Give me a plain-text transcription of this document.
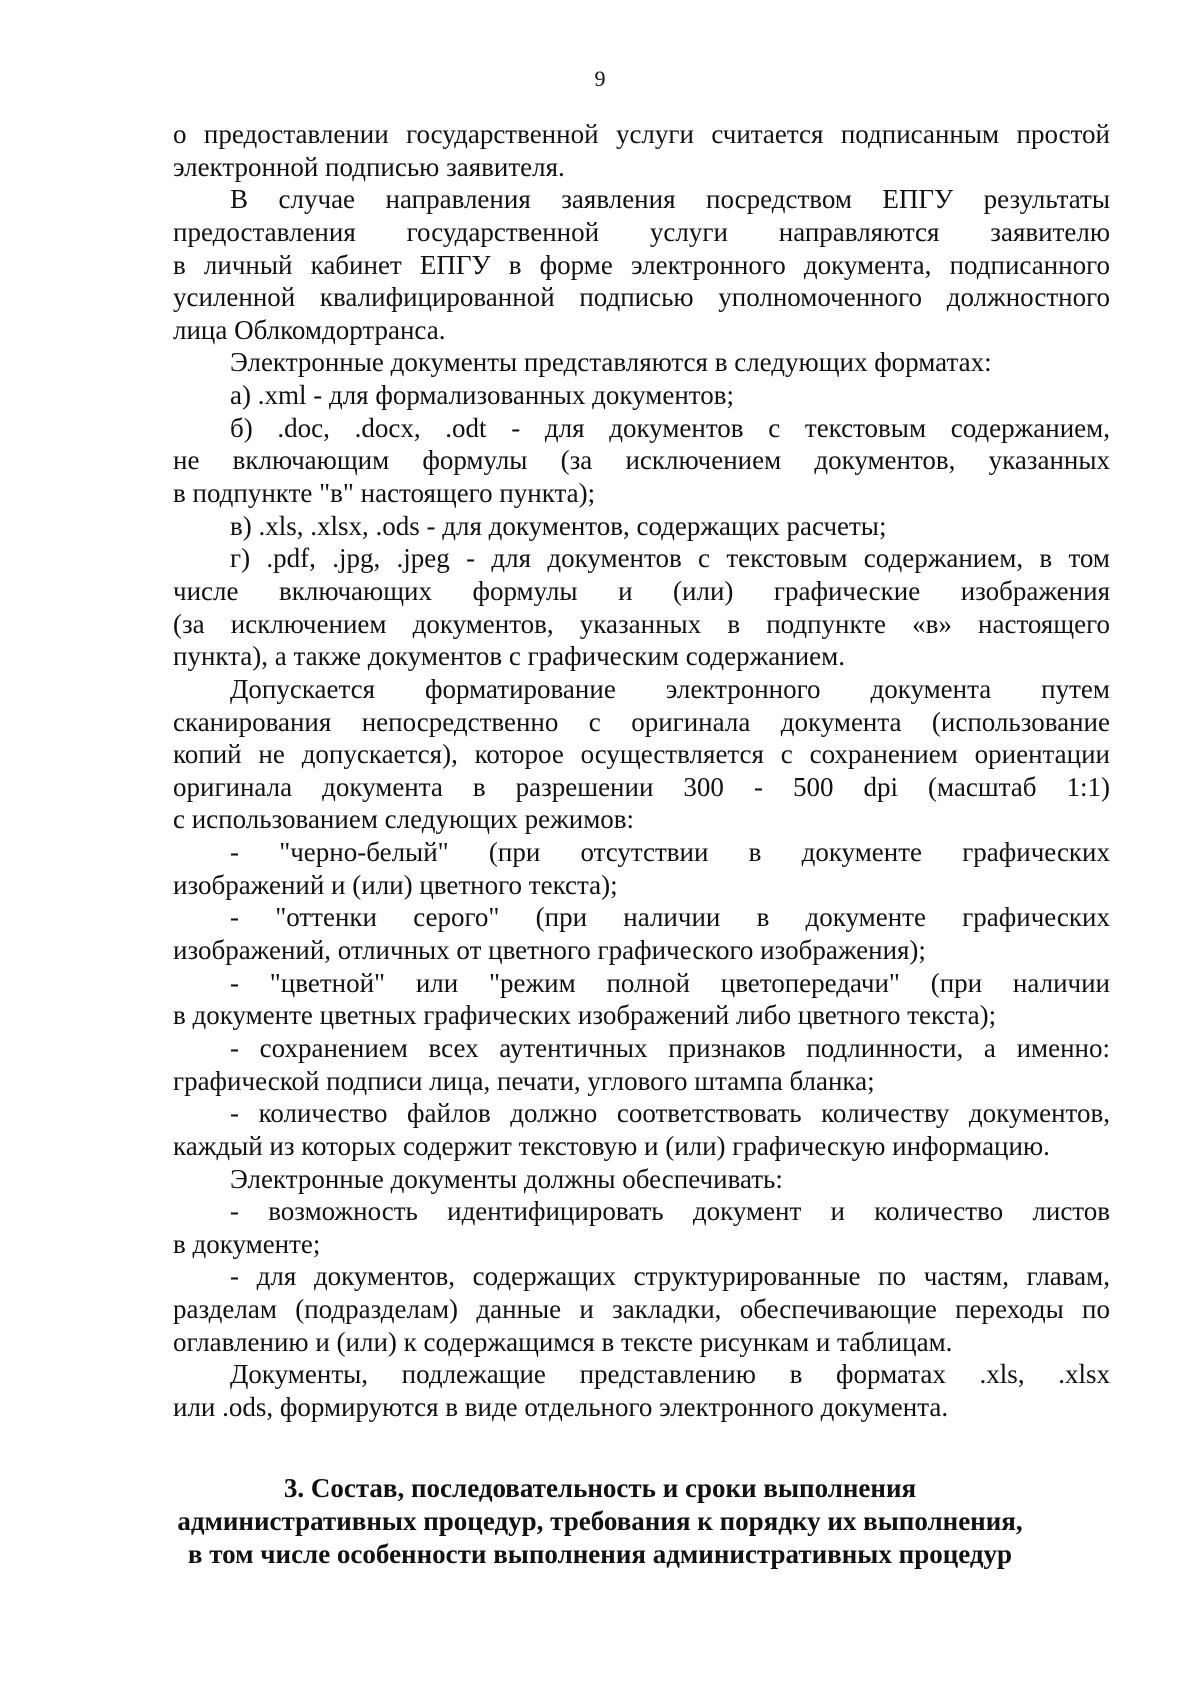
9
о предоставлении государственной услуги считается подписанным простой
электронной подписью заявителя.
В случае направления заявления посредством ЕПГУ результаты
предоставления государственной услуги направляются заявителю
в личный кабинет ЕПГУ в форме электронного документа, подписанного
усиленной квалифицированной подписью уполномоченного должностного
лица Облкомдортранса.
Электронные документы представляются в следующих форматах:
а) .xml - для формализованных документов;
б) .doc, .docx, .odt - для документов с текстовым содержанием,
не включающим формулы (за исключением документов, указанных
в подпункте "в" настоящего пункта);
в) .xls, .xlsx, .ods - для документов, содержащих расчеты;
г) .pdf, .jpg, .jpeg - для документов с текстовым содержанием, в том
числе включающих формулы и (или) графические изображения
(за исключением документов, указанных в подпункте «в» настоящего
пункта), а также документов с графическим содержанием.
Допускается форматирование электронного документа путем
сканирования непосредственно с оригинала документа (использование
копий не допускается), которое осуществляется с сохранением ориентации
оригинала документа в разрешении 300 - 500 dpi (масштаб 1:1)
с использованием следующих режимов:
- "черно-белый" (при отсутствии в документе графических
изображений и (или) цветного текста);
- "оттенки серого" (при наличии в документе графических
изображений, отличных от цветного графического изображения);
- "цветной" или "режим полной цветопередачи" (при наличии
в документе цветных графических изображений либо цветного текста);
- сохранением всех аутентичных признаков подлинности, а именно:
графической подписи лица, печати, углового штампа бланка;
- количество файлов должно соответствовать количеству документов,
каждый из которых содержит текстовую и (или) графическую информацию.
Электронные документы должны обеспечивать:
- возможность идентифицировать документ и количество листов
в документе;
- для документов, содержащих структурированные по частям, главам,
разделам (подразделам) данные и закладки, обеспечивающие переходы по
оглавлению и (или) к содержащимся в тексте рисункам и таблицам.
Документы, подлежащие представлению в форматах .xls, .xlsx
или .ods, формируются в виде отдельного электронного документа.
3. Состав, последовательность и сроки выполнения
административных процедур, требования к порядку их выполнения,
в том числе особенности выполнения административных процедур
